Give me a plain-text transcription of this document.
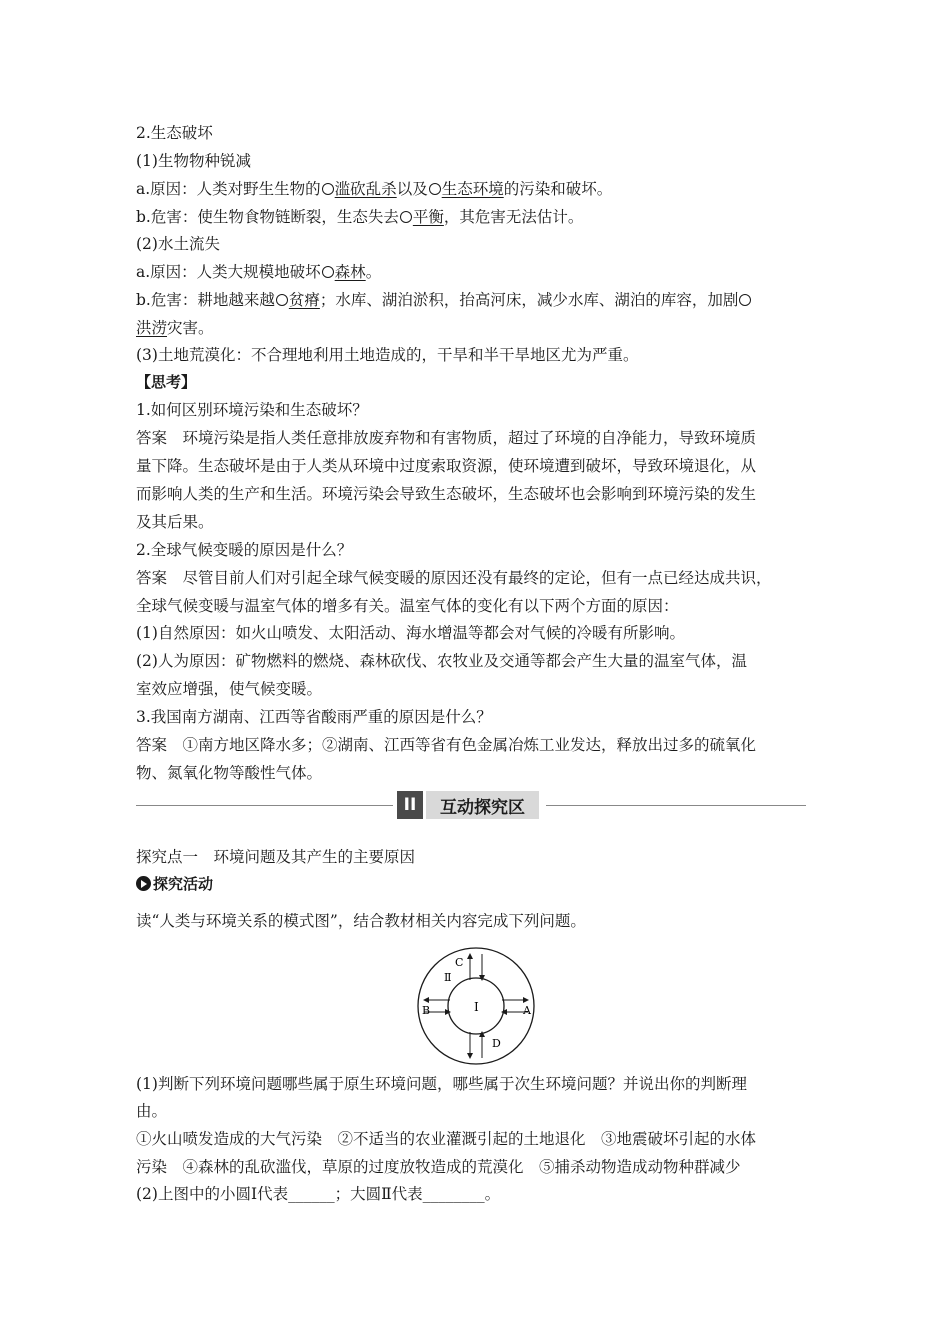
2.生态破坏
(1)生物物种锐减
a.原因：人类对野生生物的 滥砍乱杀以及 生态环境的污染和破坏。
b.危害：使生物食物链断裂，生态失去 平衡，其危害无法估计。
(2)水土流失
a.原因：人类大规模地破坏 森林。
b.危害：耕地越来越 贫瘠；水库、湖泊淤积，抬高河床，减少水库、湖泊的库容，加剧
洪涝灾害。
(3)土地荒漠化：不合理地利用土地造成的，干旱和半干旱地区尤为严重。
【思考】
1.如何区别环境污染和生态破坏？
答案　环境污染是指人类任意排放废弃物和有害物质，超过了环境的自净能力，导致环境质
量下降。生态破坏是由于人类从环境中过度索取资源，使环境遭到破坏，导致环境退化，从
而影响人类的生产和生活。环境污染会导致生态破坏，生态破坏也会影响到环境污染的发生
及其后果。
2.全球气候变暖的原因是什么？
答案　尽管目前人们对引起全球气候变暖的原因还没有最终的定论，但有一点已经达成共识，
全球气候变暖与温室气体的增多有关。温室气体的变化有以下两个方面的原因：
(1)自然原因：如火山喷发、太阳活动、海水增温等都会对气候的冷暖有所影响。
(2)人为原因：矿物燃料的燃烧、森林砍伐、农牧业及交通等都会产生大量的温室气体，温
室效应增强，使气候变暖。
3.我国南方湖南、江西等省酸雨严重的原因是什么？
答案　①南方地区降水多；②湖南、江西等省有色金属冶炼工业发达，释放出过多的硫氧化
物、氮氧化物等酸性气体。
II	互动探究区
探究点一　环境问题及其产生的主要原因
探究活动
读“人类与环境关系的模式图”，结合教材相关内容完成下列问题。
C
Ⅱ
B	I	A
D
(1)判断下列环境问题哪些属于原生环境问题，哪些属于次生环境问题？并说出你的判断理
由。
①火山喷发造成的大气污染　②不适当的农业灌溉引起的土地退化　③地震破坏引起的水体
污染　④森林的乱砍滥伐，草原的过度放牧造成的荒漠化　⑤捕杀动物造成动物种群减少
(2)上图中的小圆Ⅰ代表______；大圆Ⅱ代表________。
